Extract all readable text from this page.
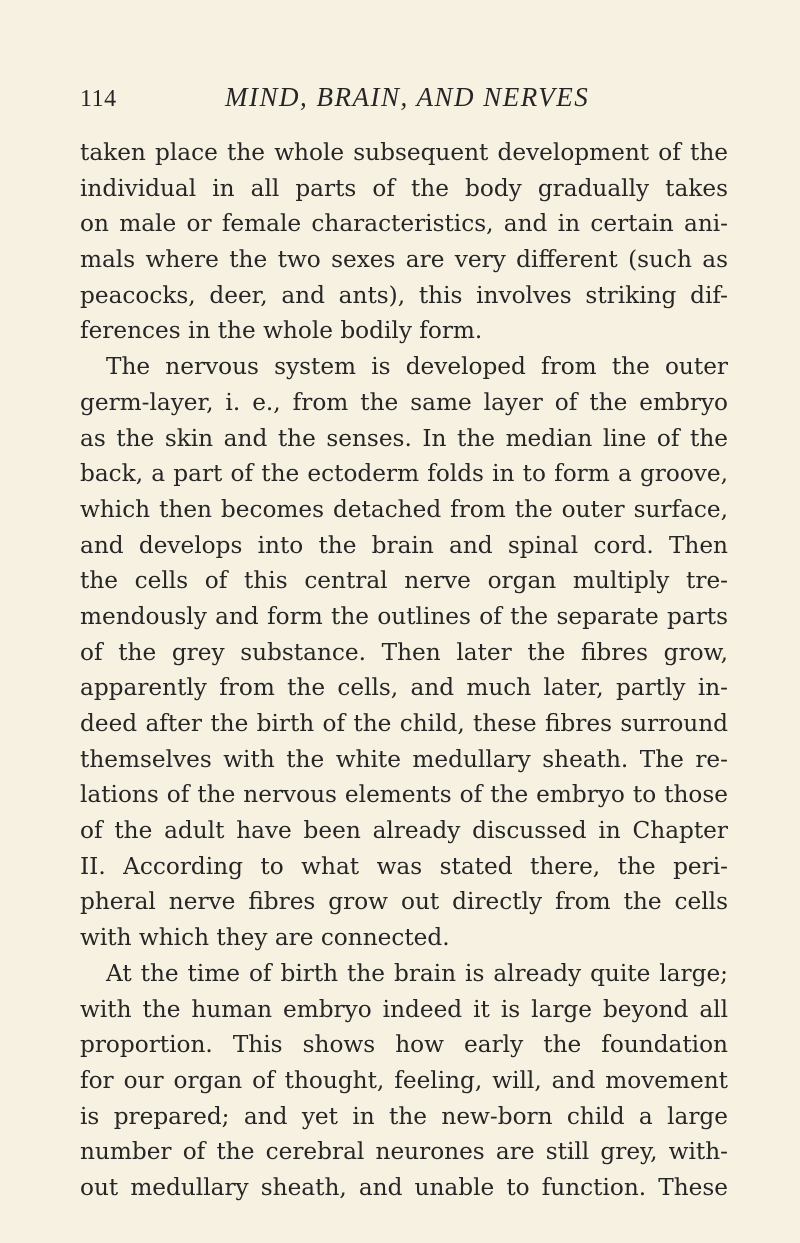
114	MIND, BRAIN, AND NERVES
taken place the whole subsequent development of the
individual in all parts of the body gradually takes
on male or female characteristics, and in certain ani-
mals where the two sexes are very different (such as
peacocks, deer, and ants), this involves striking dif-
ferences in the whole bodily form.
The nervous system is developed from the outer
germ-layer, i. e., from the same layer of the embryo
as the skin and the senses. In the median line of the
back, a part of the ectoderm folds in to form a groove,
which then becomes detached from the outer surface,
and develops into the brain and spinal cord. Then
the cells of this central nerve organ multiply tre-
mendously and form the outlines of the separate parts
of the grey substance. Then later the fibres grow,
apparently from the cells, and much later, partly in-
deed after the birth of the child, these fibres surround
themselves with the white medullary sheath. The re-
lations of the nervous elements of the embryo to those
of the adult have been already discussed in Chapter
II. According to what was stated there, the peri-
pheral nerve fibres grow out directly from the cells
with which they are connected.
At the time of birth the brain is already quite large;
with the human embryo indeed it is large beyond all
proportion. This shows how early the foundation
for our organ of thought, feeling, will, and movement
is prepared; and yet in the new-born child a large
number of the cerebral neurones are still grey, with-
out medullary sheath, and unable to function. These
